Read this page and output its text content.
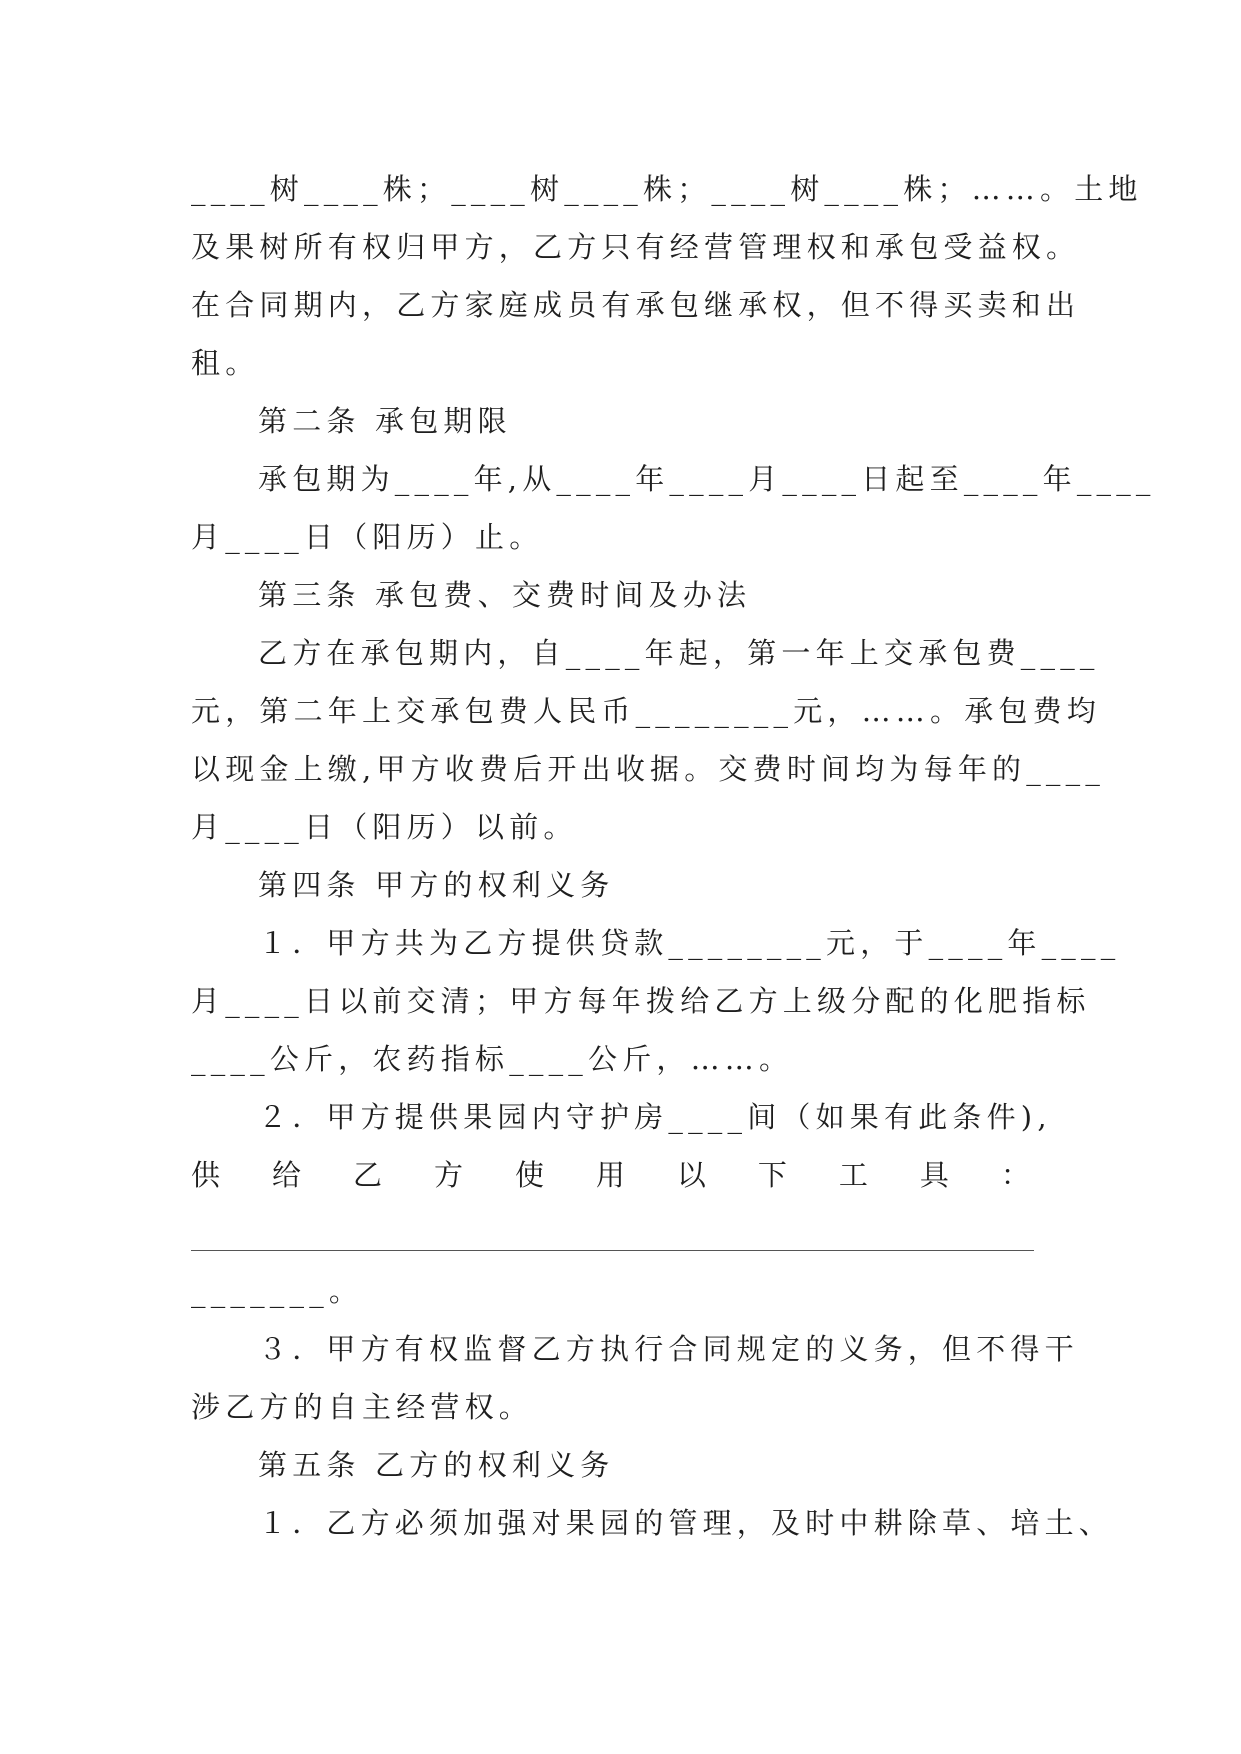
____树____株；____树____株；____树____株；……。土地
及果树所有权归甲方，乙方只有经营管理权和承包受益权。
在合同期内，乙方家庭成员有承包继承权，但不得买卖和出
租。
第二条 承包期限
承包期为____年,从____年____月____日起至____年____
月____日（阳历）止。
第三条 承包费、交费时间及办法
乙方在承包期内，自____年起，第一年上交承包费____
元，第二年上交承包费人民币________元，……。承包费均
以现金上缴,甲方收费后开出收据。交费时间均为每年的____
月____日（阳历）以前。
第四条 甲方的权利义务
１．甲方共为乙方提供贷款________元，于____年____
月____日以前交清；甲方每年拨给乙方上级分配的化肥指标
____公斤，农药指标____公斤，……。
２．甲方提供果园内守护房____间（如果有此条件),
供 给 乙 方 使 用 以 下 工 具 ：
_______。
３．甲方有权监督乙方执行合同规定的义务，但不得干
涉乙方的自主经营权。
第五条 乙方的权利义务
１．乙方必须加强对果园的管理，及时中耕除草、培土、
